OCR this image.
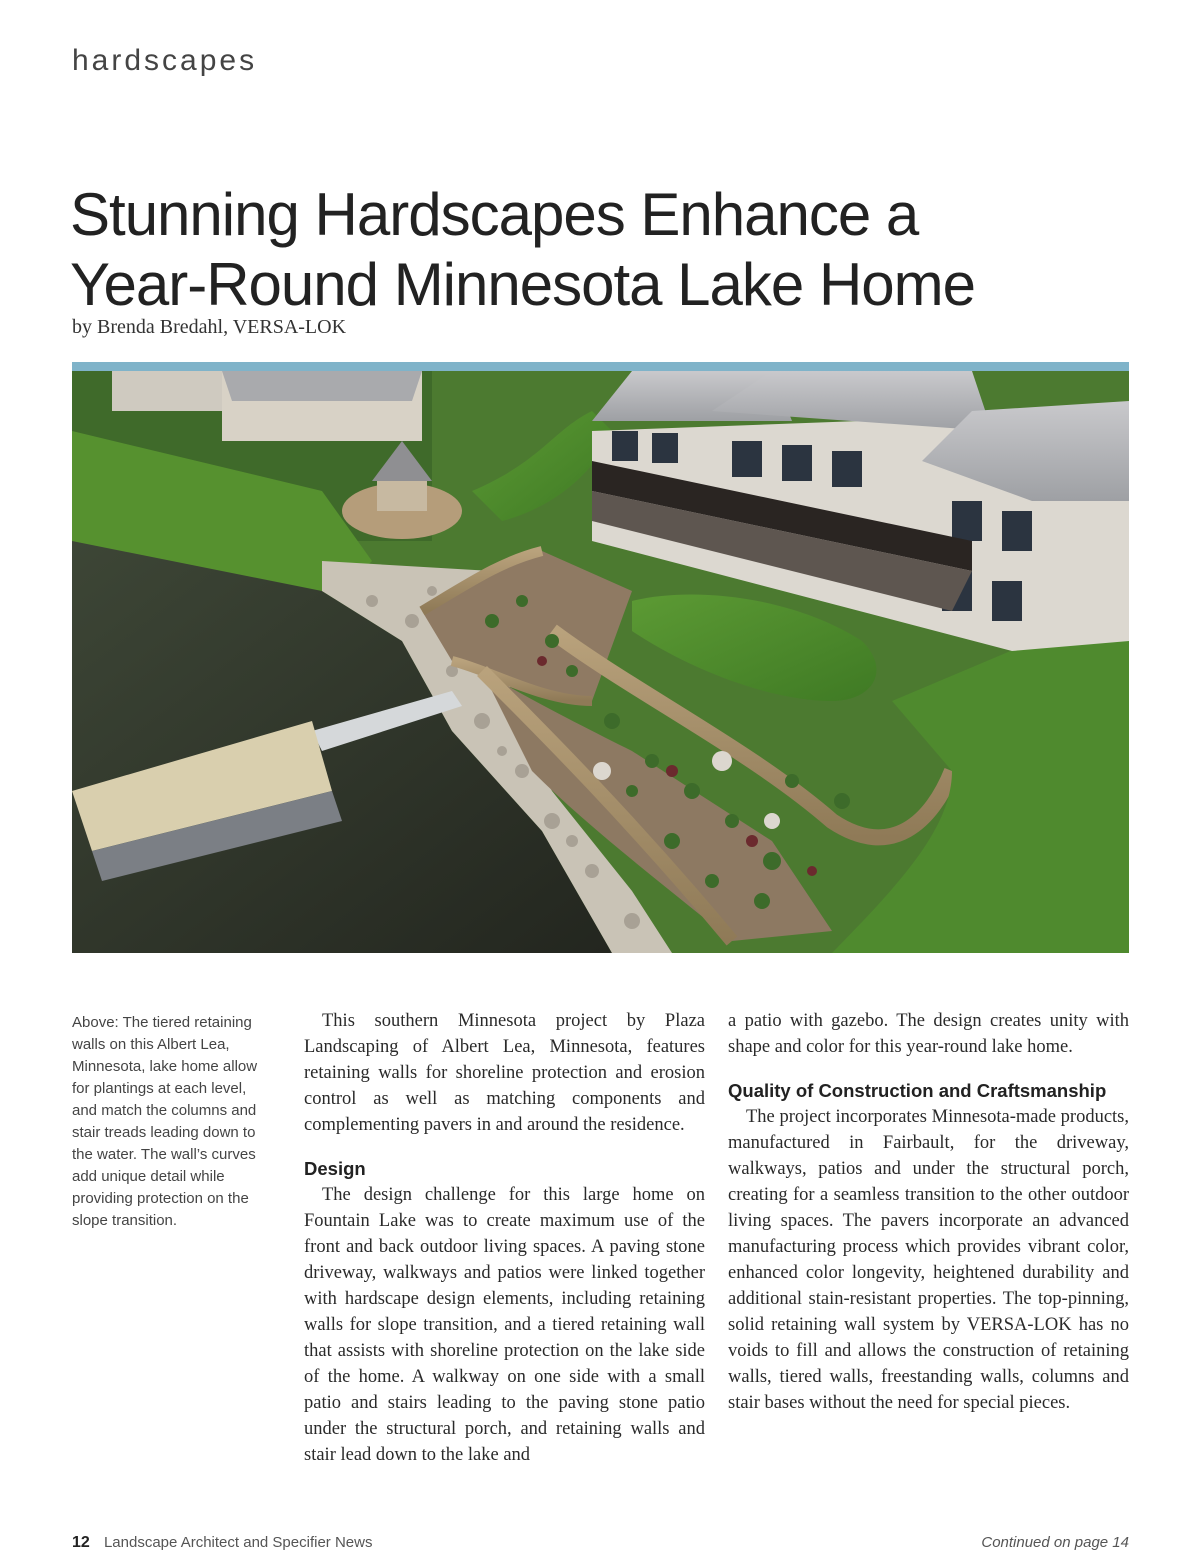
hardscapes
Stunning Hardscapes Enhance a
Year-Round Minnesota Lake Home
by Brenda Bredahl, VERSA-LOK
Above: The tiered retaining walls on this Albert Lea, Minnesota, lake home allow for plantings at each level, and match the columns and stair treads leading down to the water. The wall’s curves add unique detail while providing protection on the slope transition.

This southern Minnesota project by Plaza Landscaping of Albert Lea, Minnesota, features retaining walls for shoreline protection and erosion control as well as matching components and complementing pavers in and around the residence.

Design

The design challenge for this large home on Fountain Lake was to create maximum use of the front and back outdoor living spaces. A paving stone driveway, walkways and patios were linked together with hardscape design elements, including retaining walls for slope transition, and a tiered retaining wall that assists with shoreline protection on the lake side of the home. A walkway on one side with a small patio and stairs leading to the paving stone patio under the structural porch, and retaining walls and stair lead down to the lake and

a patio with gazebo. The design creates unity with shape and color for this year-round lake home.

Quality of Construction and Craftsmanship

The project incorporates Minnesota-made products, manufactured in Fairbault, for the driveway, walkways, patios and under the structural porch, creating for a seamless transition to the other outdoor living spaces. The pavers incorporate an advanced manufacturing process which provides vibrant color, enhanced color longevity, heightened durability and additional stain-resistant properties. The top-pinning, solid retaining wall system by VERSA-LOK has no voids to fill and allows the construction of retaining walls, tiered walls, freestanding walls, columns and stair bases without the need for special pieces.

12 Landscape Architect and Specifier News	Continued on page 14
